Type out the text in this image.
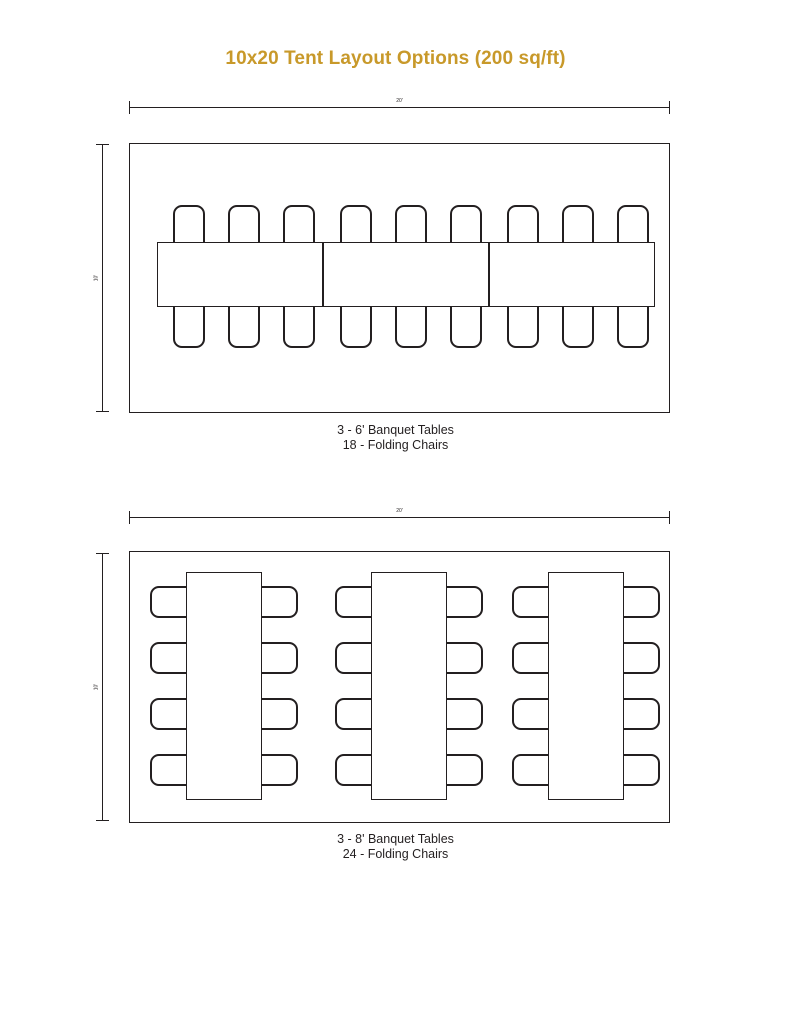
10x20 Tent Layout Options (200 sq/ft)
20'
10'
3 - 6' Banquet Tables
18 - Folding Chairs
20'
10'
3 - 8' Banquet Tables
24 - Folding Chairs
